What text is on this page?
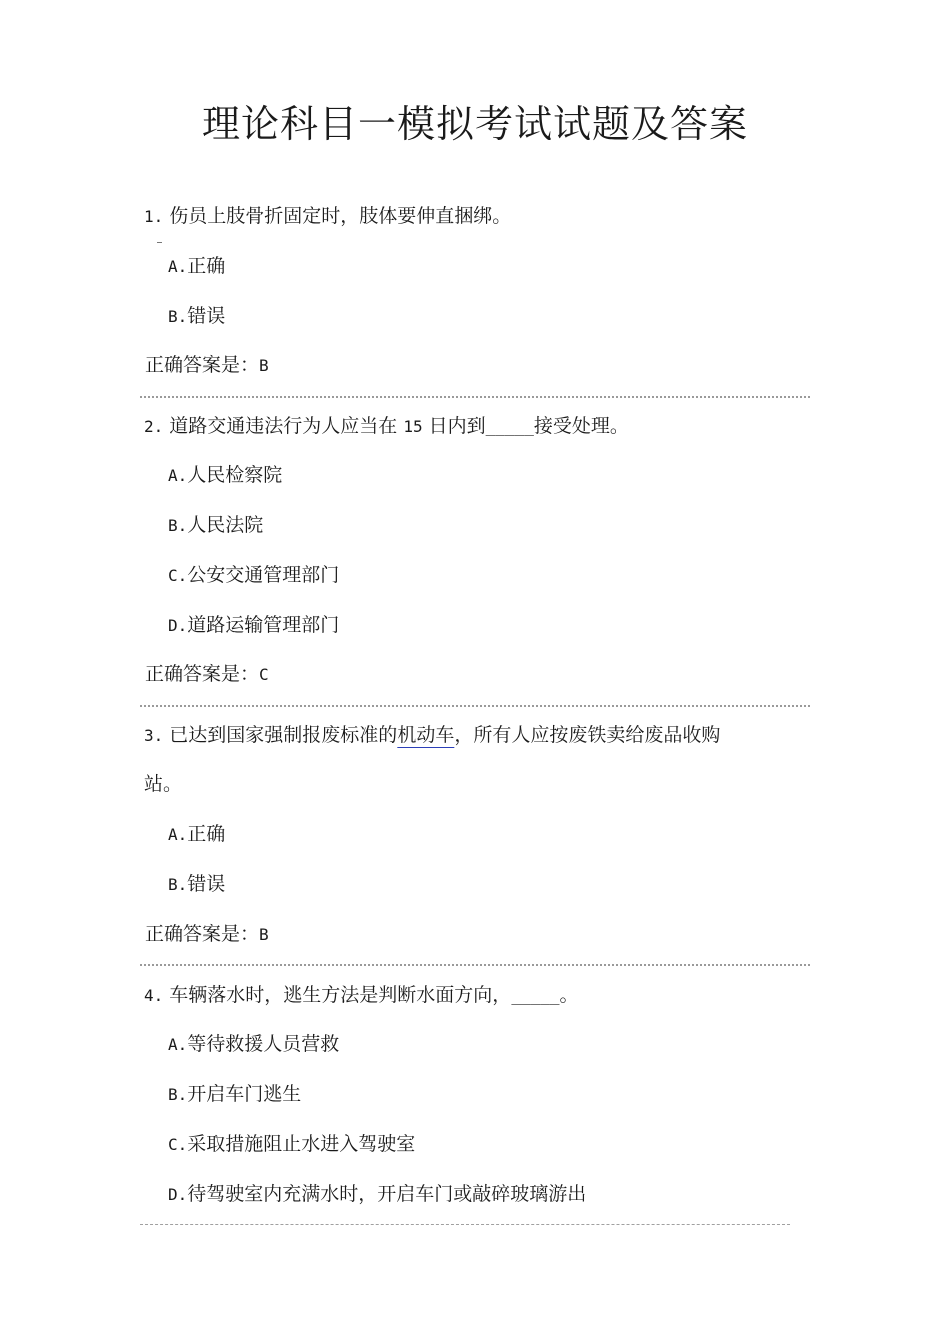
理论科目一模拟考试试题及答案
1. 伤员上肢骨折固定时，肢体要伸直捆绑。
A.正确
B.错误
正确答案是：B
2. 道路交通违法行为人应当在 15 日内到_____接受处理。
A.人民检察院
B.人民法院
C.公安交通管理部门
D.道路运输管理部门
正确答案是：C
3. 已达到国家强制报废标准的机动车，所有人应按废铁卖给废品收购
站。
A.正确
B.错误
正确答案是：B
4. 车辆落水时，逃生方法是判断水面方向，_____。
A.等待救援人员营救
B.开启车门逃生
C.采取措施阻止水进入驾驶室
D.待驾驶室内充满水时，开启车门或敲碎玻璃游出
